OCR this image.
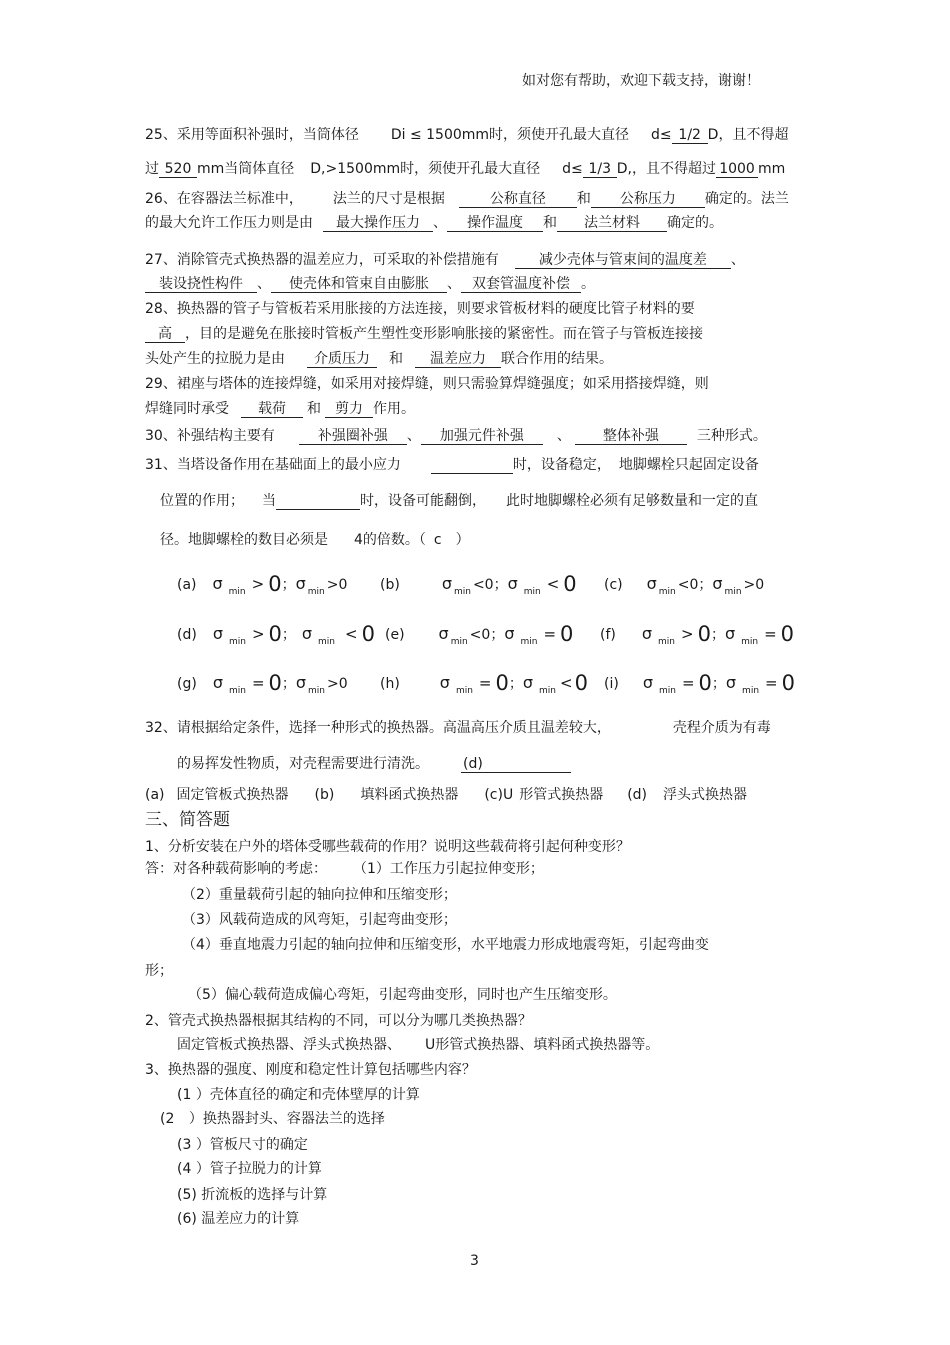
如对您有帮助，欢迎下载支持，谢谢！
25、采用等面积补强时，当筒体径 Di ≤ 1500mm时，须使开孔最大直径 d≤ 1/2 D，且不得超
过 520 mm当筒体直径 D,>1500mm时，须使开孔最大直径 d≤ 1/3 D,，且不得超过 1000 mm
26、在容器法兰标准中， 法兰的尺寸是根据	公称直径 和 公称压力 确定的。法兰
的最大允许工作压力则是由 最大操作压力 、 操作温度 和 法兰材料 确定的。
27、消除管壳式换热器的温差应力，可采取的补偿措施有	减少壳体与管束间的温度差 、
装设挠性构件 、 使壳体和管束自由膨胀 、 双套管温度补偿 。
28、换热器的管子与管板若采用胀接的方法连接，则要求管板材料的硬度比管子材料的要
高 ，目的是避免在胀接时管板产生塑性变形影响胀接的紧密性。而在管子与管板连接接
头处产生的拉脱力是由 介质压力 和 温差应力 联合作用的结果。
29、裙座与塔体的连接焊缝，如采用对接焊缝，则只需验算焊缝强度；如采用搭接焊缝，则
焊缝同时承受 载荷 和 剪力 作用。
30、补强结构主要有	补强圈补强 、 加强元件补强 、 整体补强	三种形式。
31、当塔设备作用在基础面上的最小应力	时，设备稳定， 地脚螺栓只起固定设备
位置的作用； 当	时，设备可能翻倒， 此时地脚螺栓必须有足够数量和一定的直
径。地脚螺栓的数目必须是 4的倍数。（ c ）
(a) σ $_{min}$ > 0；σ $_{min}$ >0 (b)	σ $_{min}$ <0；σ $_{min}$ < 0 (c) σ $_{min}$ <0；σ $_{min}$ >0
(d) σ $_{min}$ > 0； σ $_{min}$ < 0 (e) σ $_{min}$ <0；σ $_{min}$ = 0 (f) σ $_{min}$ > 0；σ $_{min}$ = 0
(g) σ $_{min}$ = 0；σ $_{min}$ >0 (h)	σ $_{min}$ = 0；σ $_{min}$ <0 (i) σ $_{min}$ = 0；σ $_{min}$ = 0
32、请根据给定条件，选择一种形式的换热器。高温高压介质且温差较大，	壳程介质为有毒
的易挥发性物质，对壳程需要进行清洗。 (d)
(a) 固定管板式换热器 (b) 填料函式换热器 (c)U 形管式换热器 (d) 浮头式换热器
三、简答题
1、分析安装在户外的塔体受哪些载荷的作用？说明这些载荷将引起何种变形？
答：对各种载荷影响的考虑： （1）工作压力引起拉伸变形；
（2）重量载荷引起的轴向拉伸和压缩变形；
（3）风载荷造成的风弯矩，引起弯曲变形；
（4）垂直地震力引起的轴向拉伸和压缩变形，水平地震力形成地震弯矩，引起弯曲变
形；
（5）偏心载荷造成偏心弯矩，引起弯曲变形，同时也产生压缩变形。
2、管壳式换热器根据其结构的不同，可以分为哪几类换热器？
固定管板式换热器、浮头式换热器、 U形管式换热器、填料函式换热器等。
3、换热器的强度、刚度和稳定性计算包括哪些内容？
(1 ）壳体直径的确定和壳体壁厚的计算
(2 ）换热器封头、容器法兰的选择
(3 ）管板尺寸的确定
(4 ）管子拉脱力的计算
(5) 折流板的选择与计算
(6) 温差应力的计算
3
